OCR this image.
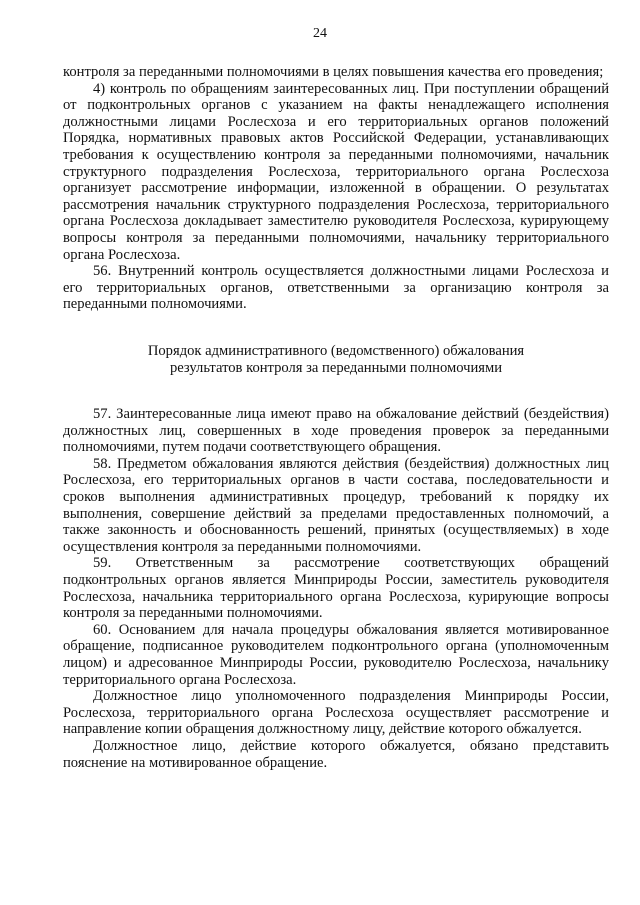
24

контроля за переданными полномочиями в целях повышения качества его проведения;

4) контроль по обращениям заинтересованных лиц. При поступлении обращений от подконтрольных органов с указанием на факты ненадлежащего исполнения должностными лицами Рослесхоза и его территориальных органов положений Порядка, нормативных правовых актов Российской Федерации, устанавливающих требования к осуществлению контроля за переданными полномочиями, начальник структурного подразделения Рослесхоза, территориального органа Рослесхоза организует рассмотрение информации, изложенной в обращении. О результатах рассмотрения начальник структурного подразделения Рослесхоза, территориального органа Рослесхоза докладывает заместителю руководителя Рослесхоза, курирующему вопросы контроля за переданными полномочиями, начальнику территориального органа Рослесхоза.

56. Внутренний контроль осуществляется должностными лицами Рослесхоза и его территориальных органов, ответственными за организацию контроля за переданными полномочиями.

Порядок административного (ведомственного) обжалования
результатов контроля за переданными полномочиями

57. Заинтересованные лица имеют право на обжалование действий (бездействия) должностных лиц, совершенных в ходе проведения проверок за переданными полномочиями, путем подачи соответствующего обращения.

58. Предметом обжалования являются действия (бездействия) должностных лиц Рослесхоза, его территориальных органов в части состава, последовательности и сроков выполнения административных процедур, требований к порядку их выполнения, совершение действий за пределами предоставленных полномочий, а также законность и обоснованность решений, принятых (осуществляемых) в ходе осуществления контроля за переданными полномочиями.

59. Ответственным за рассмотрение соответствующих обращений подконтрольных органов является Минприроды России, заместитель руководителя Рослесхоза, начальника территориального органа Рослесхоза, курирующие вопросы контроля за переданными полномочиями.

60. Основанием для начала процедуры обжалования является мотивированное обращение, подписанное руководителем подконтрольного органа (уполномоченным лицом) и адресованное Минприроды России, руководителю Рослесхоза, начальнику территориального органа Рослесхоза.

Должностное лицо уполномоченного подразделения Минприроды России, Рослесхоза, территориального органа Рослесхоза осуществляет рассмотрение и направление копии обращения должностному лицу, действие которого обжалуется.

Должностное лицо, действие которого обжалуется, обязано представить пояснение на мотивированное обращение.
